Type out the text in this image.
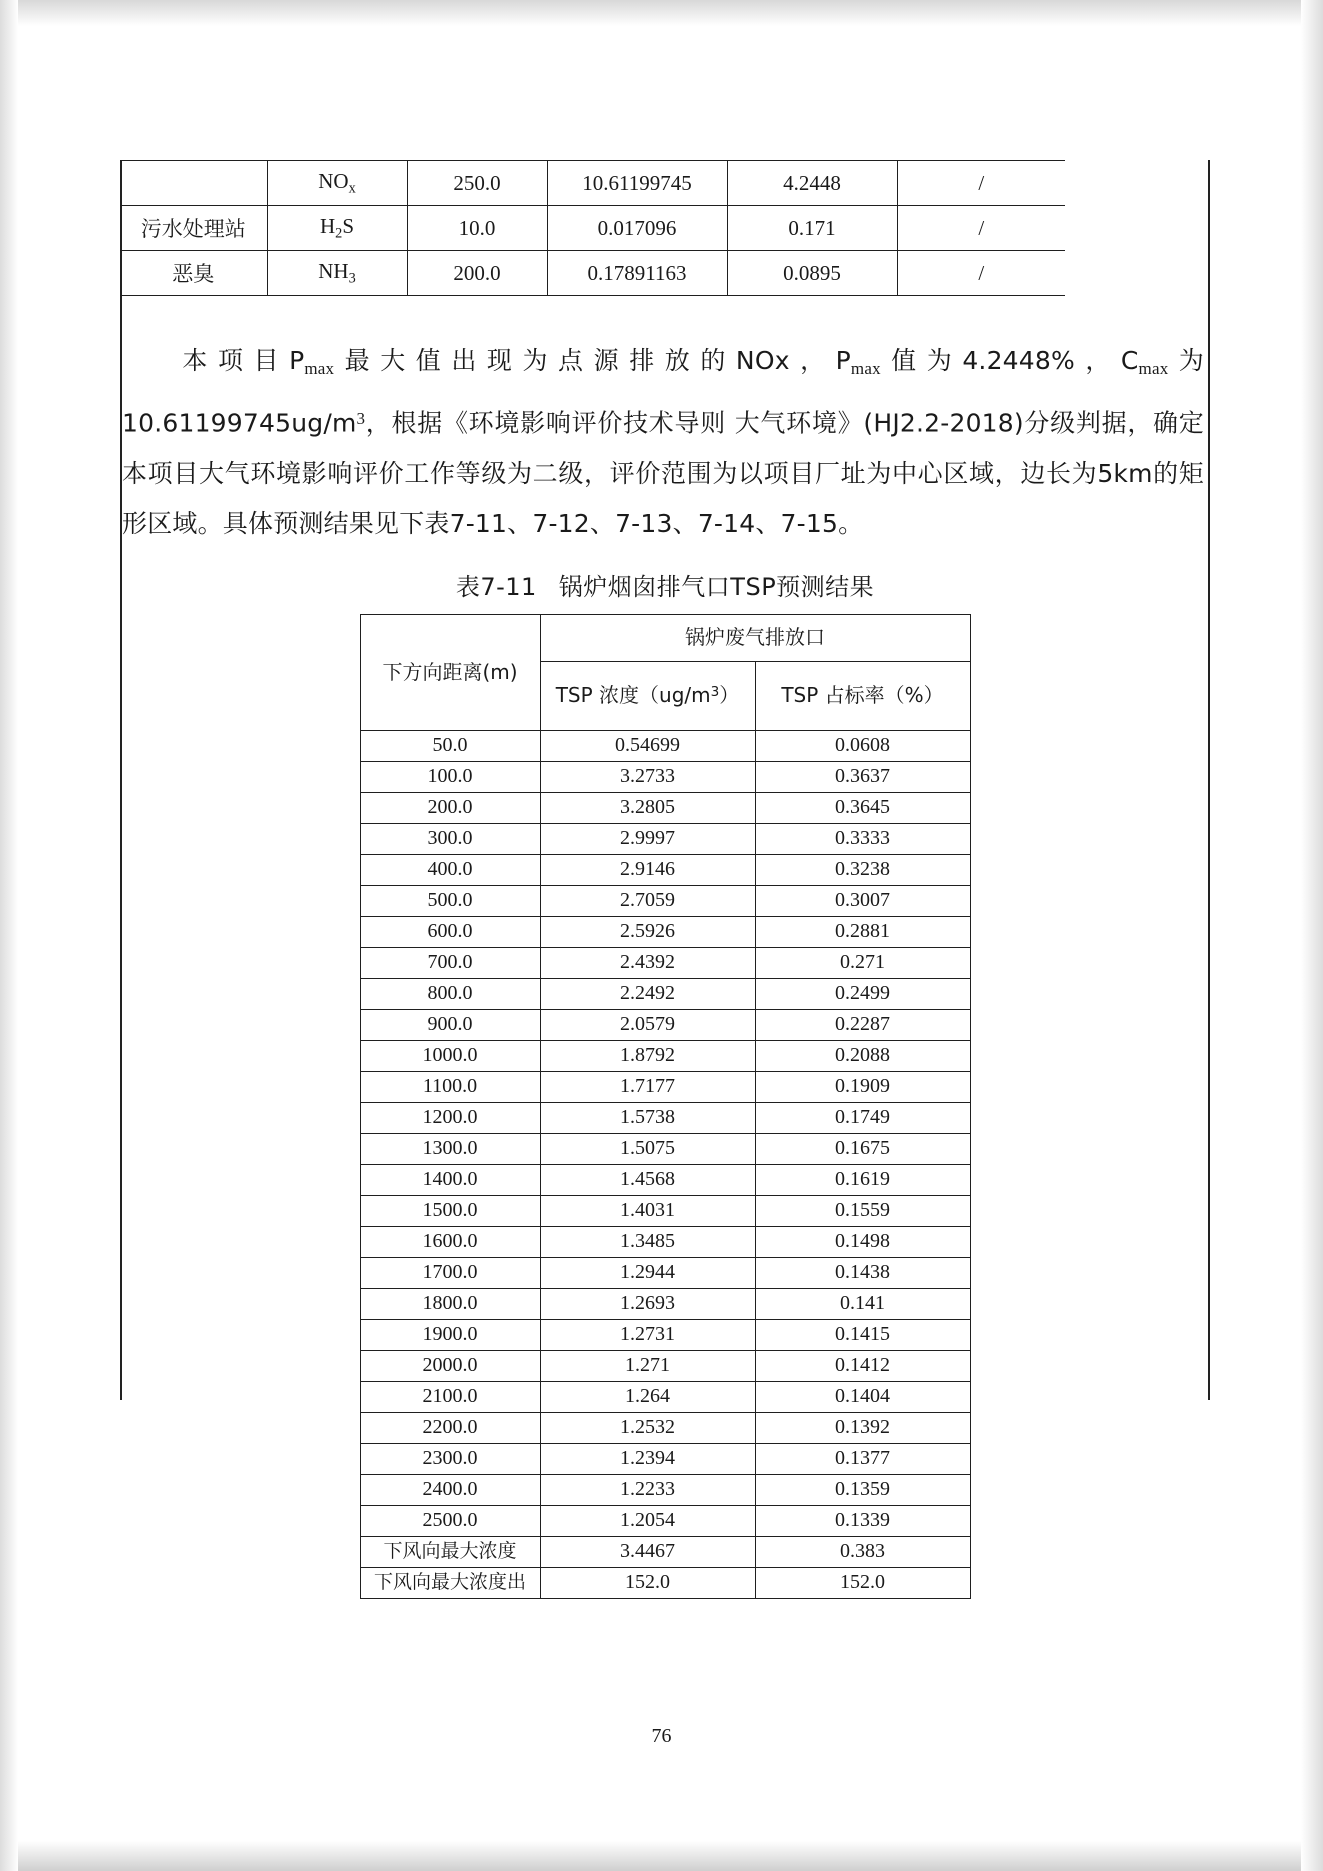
	$NO_x$	250.0	10.61199745	4.2448	/
污水处理站	$H_2S$	10.0	0.017096	0.171	/
恶臭	$NH_3$	200.0	0.17891163	0.0895	/
本项目$P_{max}$最大值出现为点源排放的NOx，$P_{max}$值为4.2448%，$C_{max}$为$10.61199745ug/m^3$，根据《环境影响评价技术导则 大气环境》(HJ2.2-2018)分级判据，确定本项目大气环境影响评价工作等级为二级，评价范围为以项目厂址为中心区域，边长为5km的矩形区域。具体预测结果见下表7-11、7-12、7-13、7-14、7-15。
表7-11 锅炉烟囱排气口TSP预测结果
下方向距离(m)	锅炉废气排放口	
	TSP 浓度$(ug/m^3)$	TSP 占标率（%）
50.0	0.54699	0.0608
100.0	3.2733	0.3637
200.0	3.2805	0.3645
300.0	2.9997	0.3333
400.0	2.9146	0.3238
500.0	2.7059	0.3007
600.0	2.5926	0.2881
700.0	2.4392	0.271
800.0	2.2492	0.2499
900.0	2.0579	0.2287
1000.0	1.8792	0.2088
1100.0	1.7177	0.1909
1200.0	1.5738	0.1749
1300.0	1.5075	0.1675
1400.0	1.4568	0.1619
1500.0	1.4031	0.1559
1600.0	1.3485	0.1498
1700.0	1.2944	0.1438
1800.0	1.2693	0.141
1900.0	1.2731	0.1415
2000.0	1.271	0.1412
2100.0	1.264	0.1404
2200.0	1.2532	0.1392
2300.0	1.2394	0.1377
2400.0	1.2233	0.1359
2500.0	1.2054	0.1339
下风向最大浓度	3.4467	0.383
下风向最大浓度出	152.0	152.0
76
